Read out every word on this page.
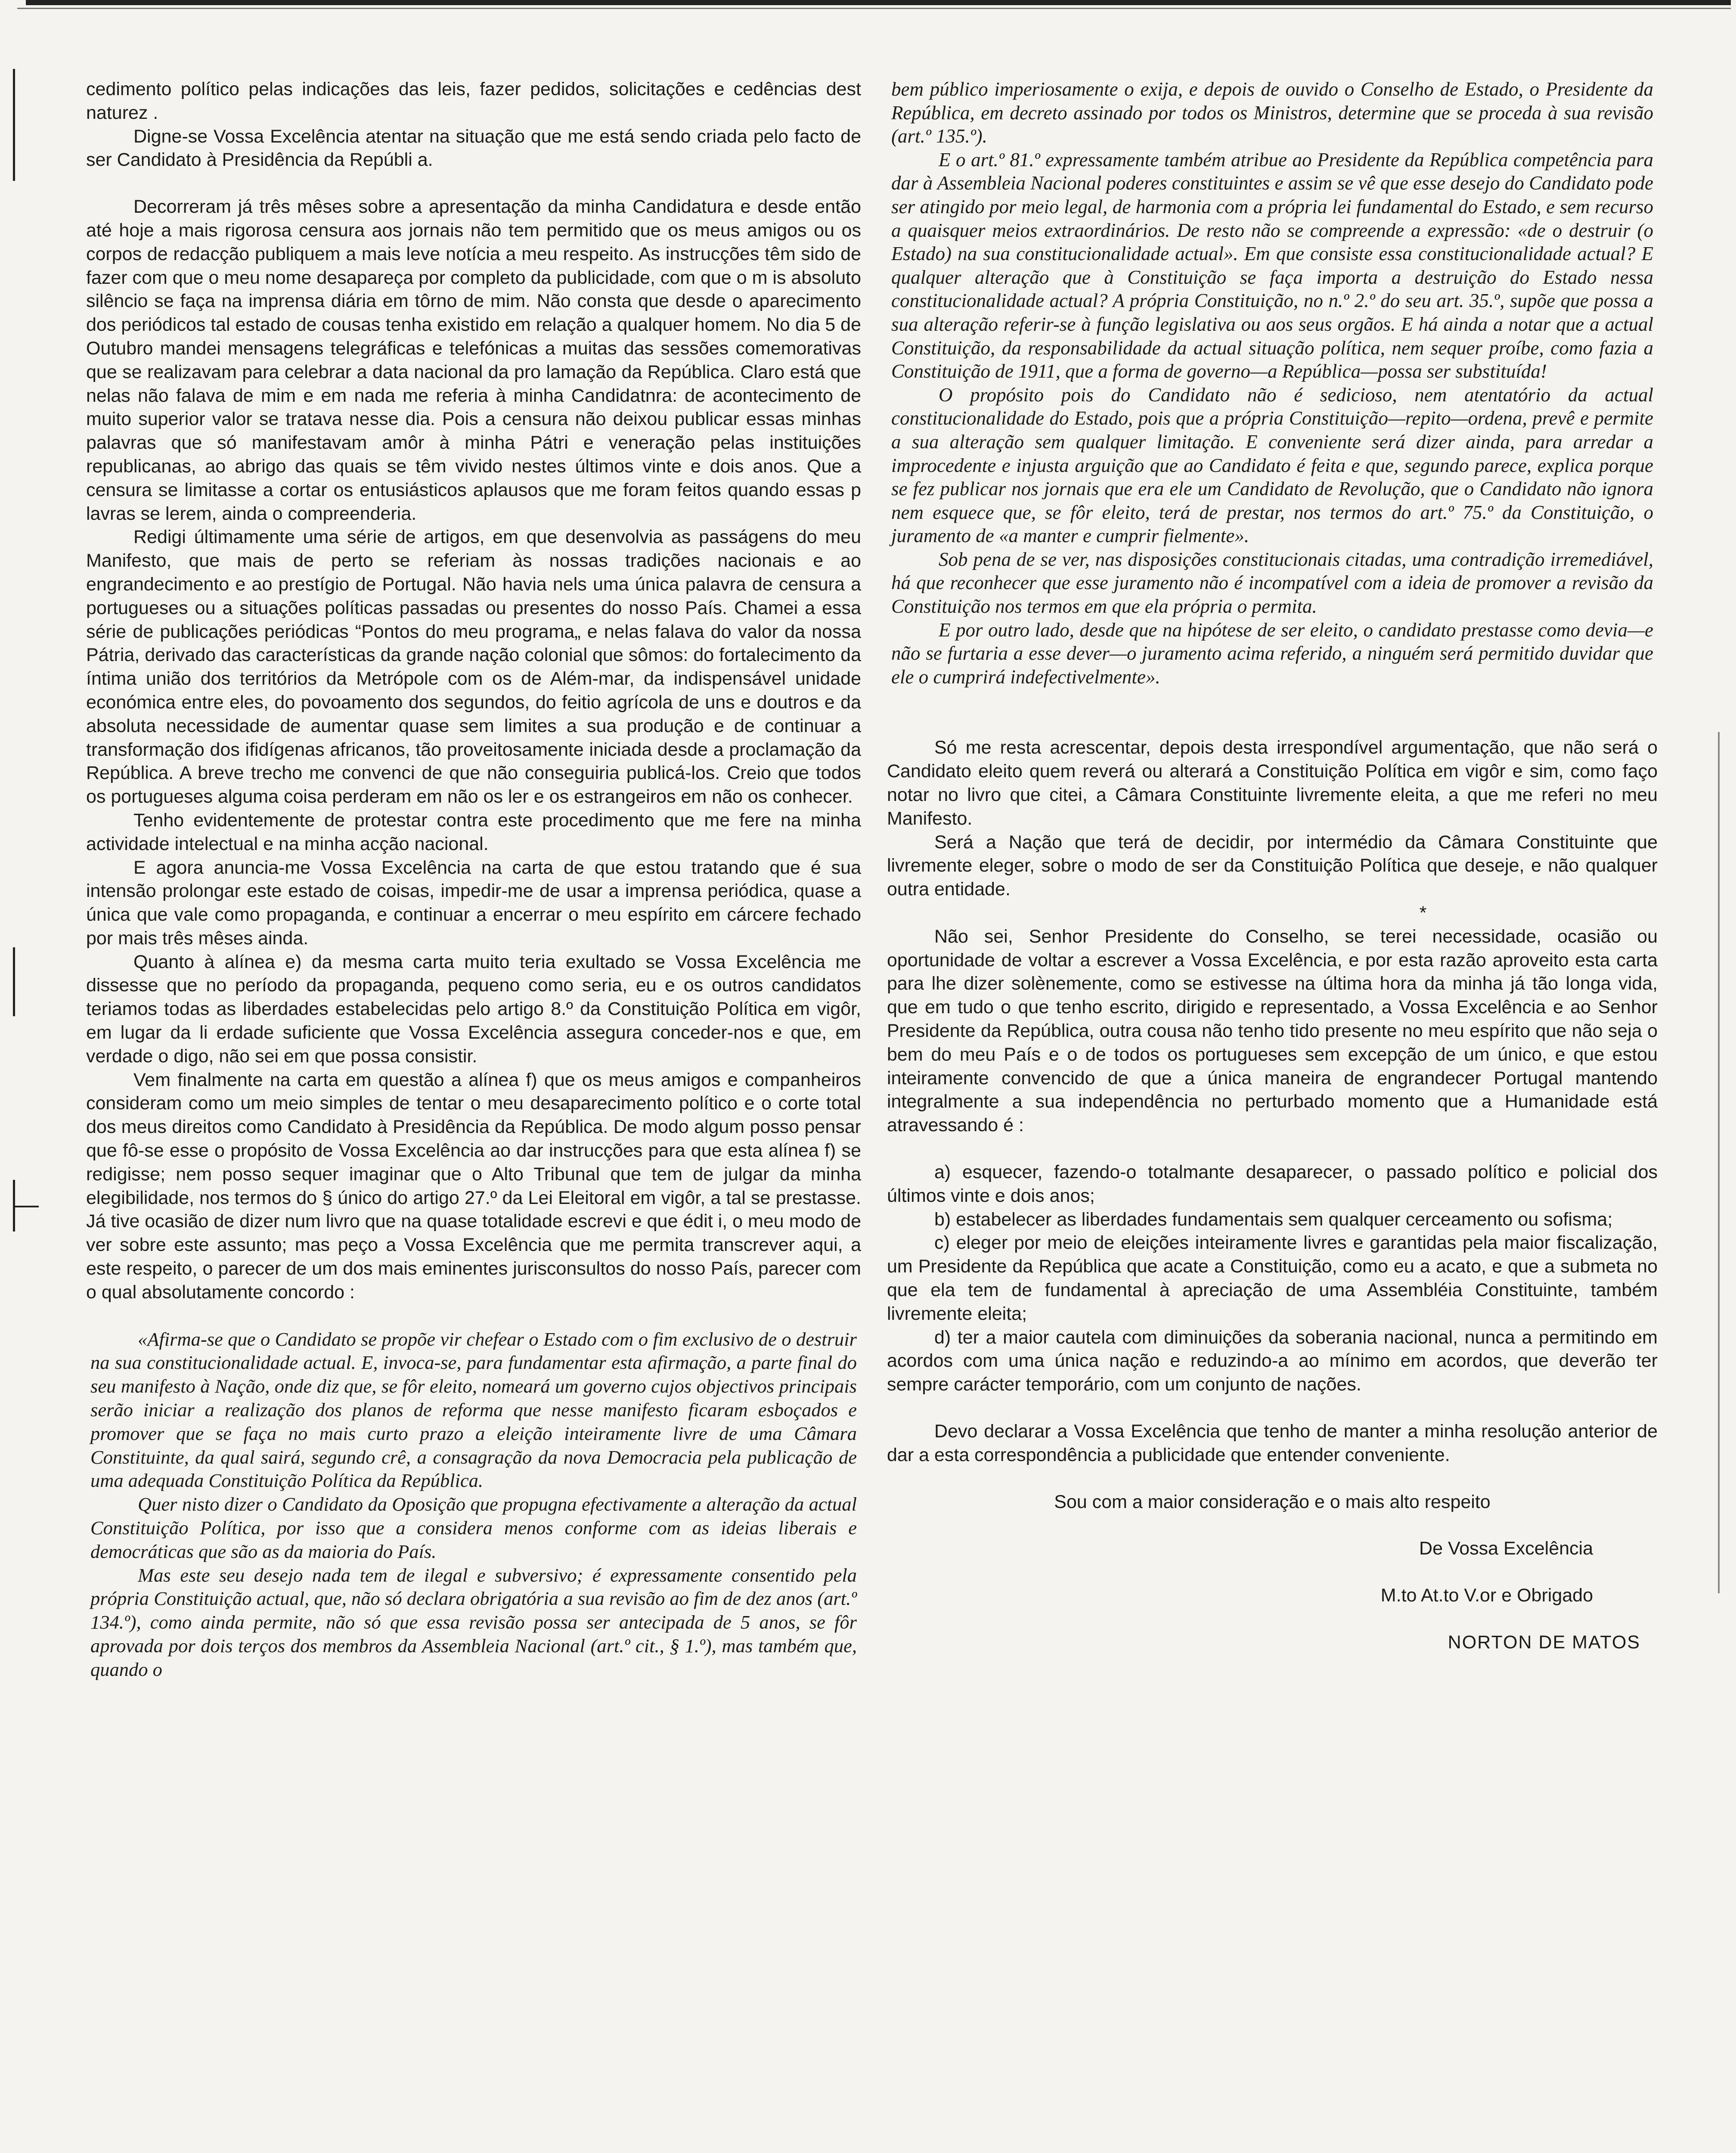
cedimento político pelas indicações das leis, fazer pedidos, solicitações e cedências dest naturez .

Digne-se Vossa Excelência atentar na situação que me está sendo criada pelo facto de ser Candidato à Presidência da Repúbli a.

Decorreram já três mêses sobre a apresentação da minha Candidatura e desde então até hoje a mais rigorosa censura aos jornais não tem permitido que os meus amigos ou os corpos de redacção publiquem a mais leve notícia a meu respeito. As instrucções têm sido de fazer com que o meu nome desapareça por completo da publicidade, com que o m is absoluto silêncio se faça na imprensa diária em tôrno de mim. Não consta que desde o aparecimento dos periódicos tal estado de cousas tenha existido em relação a qualquer homem. No dia 5 de Outubro mandei mensagens telegráficas e telefónicas a muitas das sessões comemorativas que se realizavam para celebrar a data nacional da pro lamação da República. Claro está que nelas não falava de mim e em nada me referia à minha Candidatnra: de acontecimento de muito superior valor se tratava nesse dia. Pois a censura não deixou publicar essas minhas palavras que só manifestavam amôr à minha Pátri e veneração pelas instituições republicanas, ao abrigo das quais se têm vivido nestes últimos vinte e dois anos. Que a censura se limitasse a cortar os entusiásticos aplausos que me foram feitos quando essas p lavras se lerem, ainda o compreenderia.

Redigi últimamente uma série de artigos, em que desenvolvia as passágens do meu Manifesto, que mais de perto se referiam às nossas tradições nacionais e ao engrandecimento e ao prestígio de Portugal. Não havia nels uma única palavra de censura a portugueses ou a situações políticas passadas ou presentes do nosso País. Chamei a essa série de publicações periódicas “Pontos do meu programa„ e nelas falava do valor da nossa Pátria, derivado das características da grande nação colonial que sômos: do fortalecimento da íntima união dos territórios da Metrópole com os de Além-mar, da indispensável unidade económica entre eles, do povoamento dos segundos, do feitio agrícola de uns e doutros e da absoluta necessidade de aumentar quase sem limites a sua produção e de continuar a transformação dos ifidígenas africanos, tão proveitosamente iniciada desde a proclamação da República. A breve trecho me convenci de que não conseguiria publicá-los. Creio que todos os portugueses alguma coisa perderam em não os ler e os estrangeiros em não os conhecer.

Tenho evidentemente de protestar contra este procedimento que me fere na minha actividade intelectual e na minha acção nacional.

E agora anuncia-me Vossa Excelência na carta de que estou tratando que é sua intensão prolongar este estado de coisas, impedir-me de usar a imprensa periódica, quase a única que vale como propaganda, e continuar a encerrar o meu espírito em cárcere fechado por mais três mêses ainda.

Quanto à alínea e) da mesma carta muito teria exultado se Vossa Excelência me dissesse que no período da propaganda, pequeno como seria, eu e os outros candidatos teriamos todas as liberdades estabelecidas pelo artigo 8.º da Constituição Política em vigôr, em lugar da li erdade suficiente que Vossa Excelência assegura conceder-nos e que, em verdade o digo, não sei em que possa consistir.

Vem finalmente na carta em questão a alínea f) que os meus amigos e companheiros consideram como um meio simples de tentar o meu desaparecimento político e o corte total dos meus direitos como Candidato à Presidência da República. De modo algum posso pensar que fô-se esse o propósito de Vossa Excelência ao dar instrucções para que esta alínea f) se redigisse; nem posso sequer imaginar que o Alto Tribunal que tem de julgar da minha elegibilidade, nos termos do § único do artigo 27.º da Lei Eleitoral em vigôr, a tal se prestasse. Já tive ocasião de dizer num livro que na quase totalidade escrevi e que édit i, o meu modo de ver sobre este assunto; mas peço a Vossa Excelência que me permita transcrever aqui, a este respeito, o parecer de um dos mais eminentes jurisconsultos do nosso País, parecer com o qual absolutamente concordo :

«Afirma-se que o Candidato se propõe vir chefear o Estado com o fim exclusivo de o destruir na sua constitucionalidade actual. E, invoca-se, para fundamentar esta afirmação, a parte final do seu manifesto à Nação, onde diz que, se fôr eleito, nomeará um governo cujos objectivos principais serão iniciar a realização dos planos de reforma que nesse manifesto ficaram esboçados e promover que se faça no mais curto prazo a eleição inteiramente livre de uma Câmara Constituinte, da qual sairá, segundo crê, a consagração da nova Democracia pela publicação de uma adequada Constituição Política da República.

Quer nisto dizer o Candidato da Oposição que propugna efectivamente a alteração da actual Constituição Política, por isso que a considera menos conforme com as ideias liberais e democráticas que são as da maioria do País.

Mas este seu desejo nada tem de ilegal e subversivo; é expressamente consentido pela própria Constituição actual, que, não só declara obrigatória a sua revisão ao fim de dez anos (art.º 134.º), como ainda permite, não só que essa revisão possa ser antecipada de 5 anos, se fôr aprovada por dois terços dos membros da Assembleia Nacional (art.º cit., § 1.º), mas também que, quando o

bem público imperiosamente o exija, e depois de ouvido o Conselho de Estado, o Presidente da República, em decreto assinado por todos os Ministros, determine que se proceda à sua revisão (art.º 135.º).

E o art.º 81.º expressamente também atribue ao Presidente da República competência para dar à Assembleia Nacional poderes constituintes e assim se vê que esse desejo do Candidato pode ser atingido por meio legal, de harmonia com a própria lei fundamental do Estado, e sem recurso a quaisquer meios extraordinários. De resto não se compreende a expressão: «de o destruir (o Estado) na sua constitucionalidade actual». Em que consiste essa constitucionalidade actual? E qualquer alteração que à Constituição se faça importa a destruição do Estado nessa constitucionalidade actual? A própria Constituição, no n.º 2.º do seu art. 35.º, supõe que possa a sua alteração referir-se à função legislativa ou aos seus orgãos. E há ainda a notar que a actual Constituição, da responsabilidade da actual situação política, nem sequer proíbe, como fazia a Constituição de 1911, que a forma de governo—a República—possa ser substituída!

O propósito pois do Candidato não é sedicioso, nem atentatório da actual constitucionalidade do Estado, pois que a própria Constituição—repito—ordena, prevê e permite a sua alteração sem qualquer limitação. E conveniente será dizer ainda, para arredar a improcedente e injusta arguição que ao Candidato é feita e que, segundo parece, explica porque se fez publicar nos jornais que era ele um Candidato de Revolução, que o Candidato não ignora nem esquece que, se fôr eleito, terá de prestar, nos termos do art.º 75.º da Constituição, o juramento de «a manter e cumprir fielmente».

Sob pena de se ver, nas disposições constitucionais citadas, uma contradição irremediável, há que reconhecer que esse juramento não é incompatível com a ideia de promover a revisão da Constituição nos termos em que ela própria o permita.

E por outro lado, desde que na hipótese de ser eleito, o candidato prestasse como devia—e não se furtaria a esse dever—o juramento acima referido, a ninguém será permitido duvidar que ele o cumprirá indefectivelmente».

Só me resta acrescentar, depois desta irrespondível argumentação, que não será o Candidato eleito quem reverá ou alterará a Constituição Política em vigôr e sim, como faço notar no livro que citei, a Câmara Constituinte livremente eleita, a que me referi no meu Manifesto.

Será a Nação que terá de decidir, por intermédio da Câmara Constituinte que livremente eleger, sobre o modo de ser da Constituição Política que deseje, e não qualquer outra entidade.

*

Não sei, Senhor Presidente do Conselho, se terei necessidade, ocasião ou oportunidade de voltar a escrever a Vossa Excelência, e por esta razão aproveito esta carta para lhe dizer solènemente, como se estivesse na última hora da minha já tão longa vida, que em tudo o que tenho escrito, dirigido e representado, a Vossa Excelência e ao Senhor Presidente da República, outra cousa não tenho tido presente no meu espírito que não seja o bem do meu País e o de todos os portugueses sem excepção de um único, e que estou inteiramente convencido de que a única maneira de engrandecer Portugal mantendo integralmente a sua independência no perturbado momento que a Humanidade está atravessando é :

a) esquecer, fazendo-o totalmante desaparecer, o passado político e policial dos últimos vinte e dois anos;

b) estabelecer as liberdades fundamentais sem qualquer cerceamento ou sofisma;

c) eleger por meio de eleições inteiramente livres e garantidas pela maior fiscalização, um Presidente da República que acate a Constituição, como eu a acato, e que a submeta no que ela tem de fundamental à apreciação de uma Assembléia Constituinte, também livremente eleita;

d) ter a maior cautela com diminuições da soberania nacional, nunca a permitindo em acordos com uma única nação e reduzindo-a ao mínimo em acordos, que deverão ter sempre carácter temporário, com um conjunto de nações.

Devo declarar a Vossa Excelência que tenho de manter a minha resolução anterior de dar a esta correspondência a publicidade que entender conveniente.

Sou com a maior consideração e o mais alto respeito

De Vossa Excelência

M.to At.to V.or e Obrigado

NORTON DE MATOS
